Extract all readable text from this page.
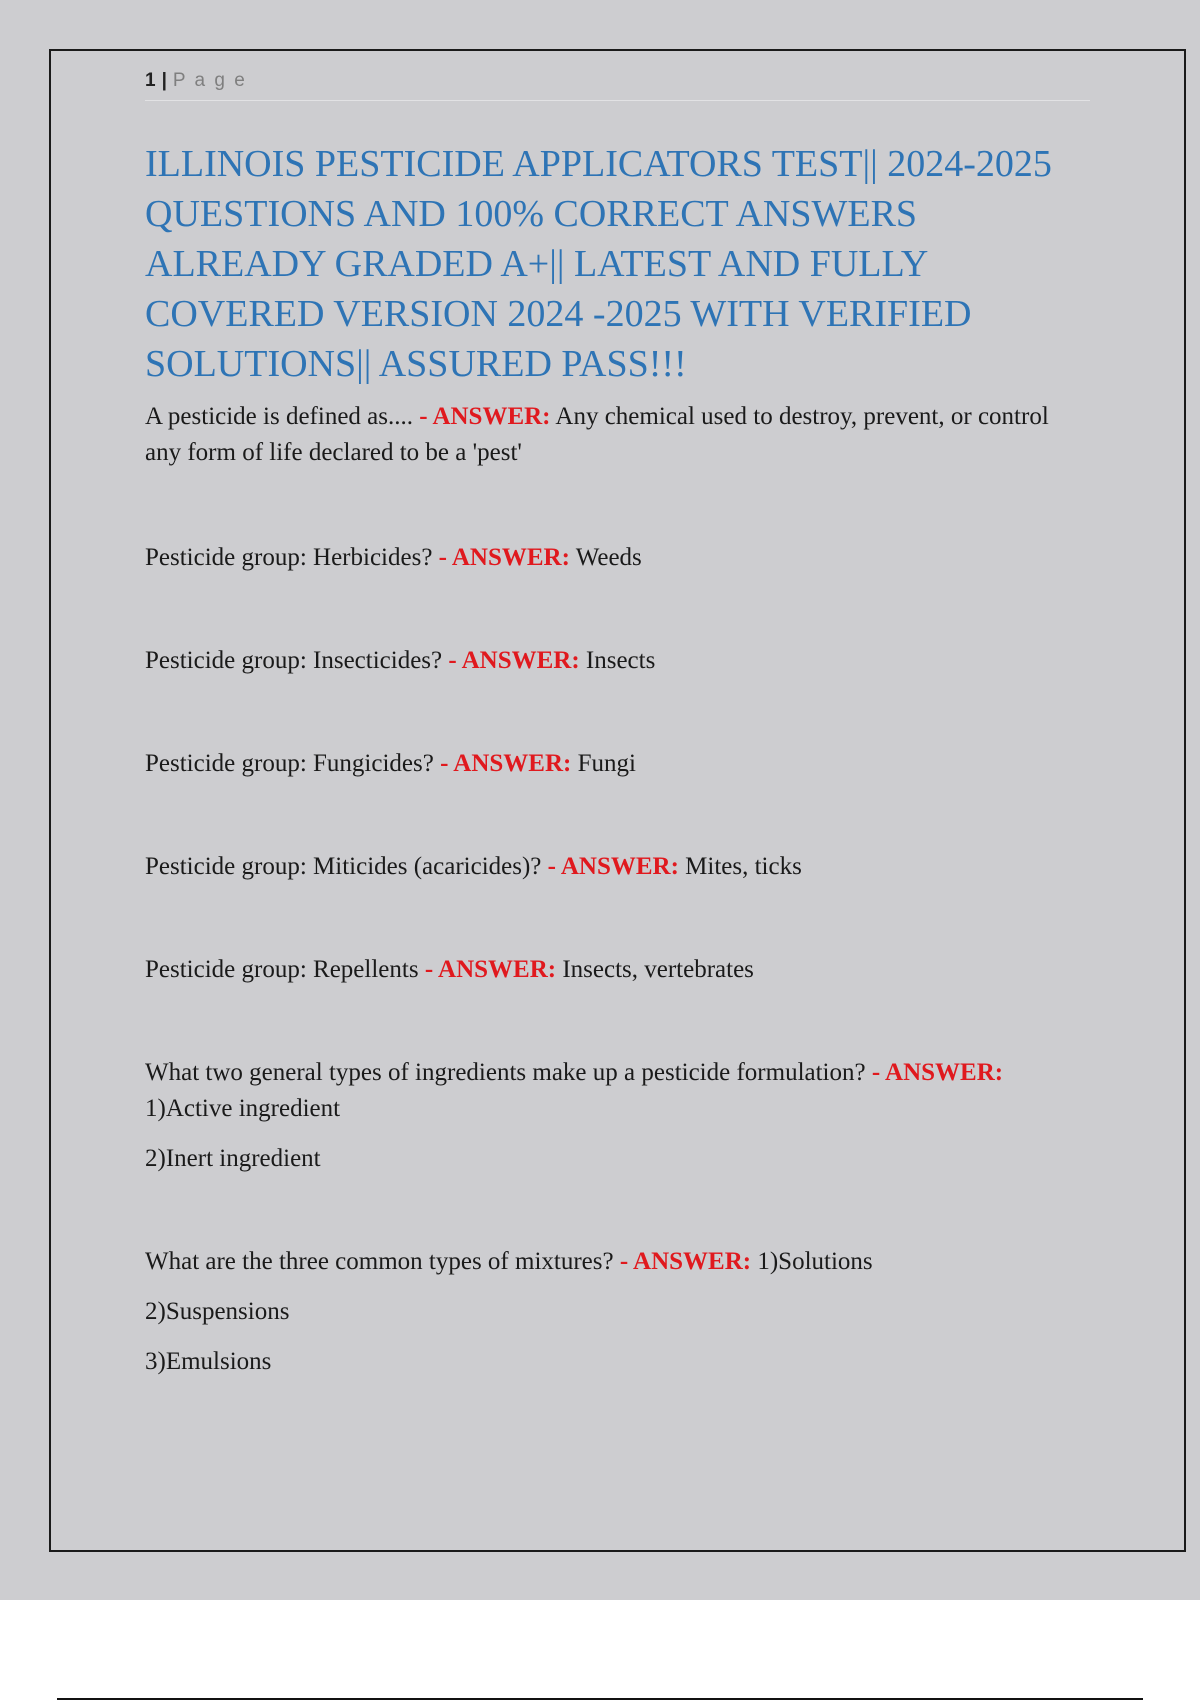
1 | P a g e
ILLINOIS PESTICIDE APPLICATORS TEST|| 2024-2025 QUESTIONS AND 100% CORRECT ANSWERS ALREADY GRADED A+|| LATEST AND FULLY COVERED VERSION 2024 -2025 WITH VERIFIED SOLUTIONS|| ASSURED PASS!!!

A pesticide is defined as.... - ANSWER: Any chemical used to destroy, prevent, or control any form of life declared to be a 'pest'

Pesticide group: Herbicides? - ANSWER: Weeds

Pesticide group: Insecticides? - ANSWER: Insects

Pesticide group: Fungicides? - ANSWER: Fungi

Pesticide group: Miticides (acaricides)? - ANSWER: Mites, ticks

Pesticide group: Repellents - ANSWER: Insects, vertebrates

What two general types of ingredients make up a pesticide formulation? - ANSWER: 1)Active ingredient

2)Inert ingredient

What are the three common types of mixtures? - ANSWER: 1)Solutions

2)Suspensions

3)Emulsions
